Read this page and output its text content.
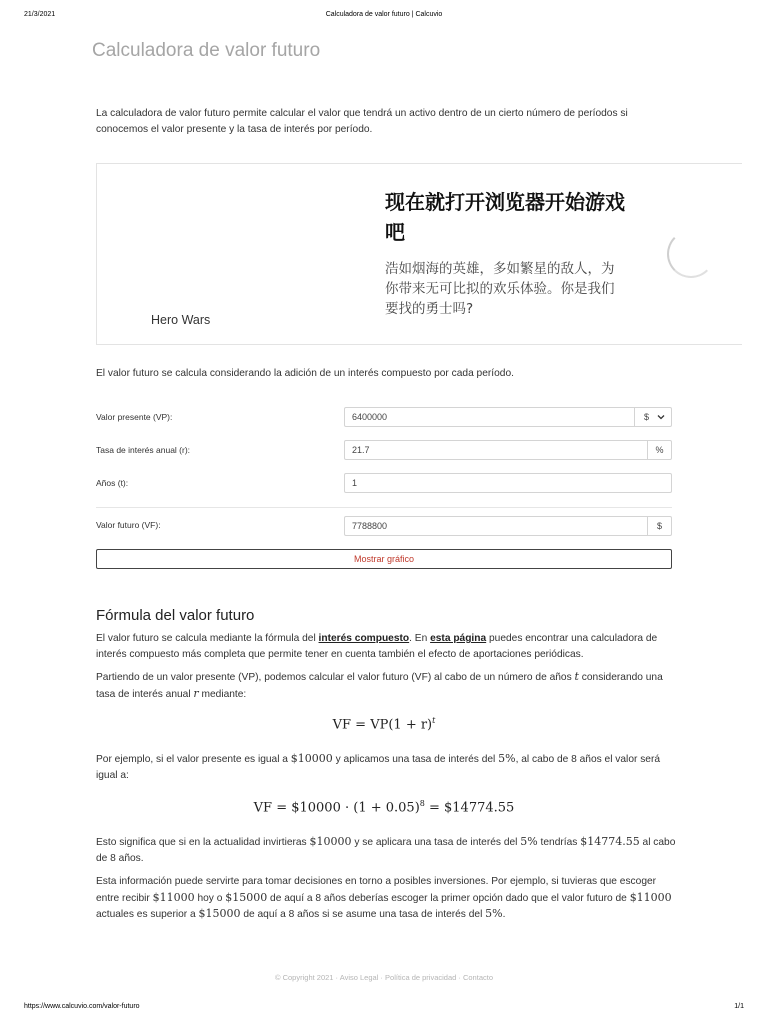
21/3/2021	Calculadora de valor futuro | Calcuvio
Calculadora de valor futuro

La calculadora de valor futuro permite calcular el valor que tendrá un activo dentro de un cierto número de períodos si conocemos el valor presente y la tasa de interés por período.

现在就打开浏览器开始游戏吧
浩如烟海的英雄，多如繁星的敌人，为你带来无可比拟的欢乐体验。你是我们要找的勇士吗?
Hero Wars

El valor futuro se calcula considerando la adición de un interés compuesto por cada período.

Valor presente (VP):	6400000	$
Tasa de interés anual (r):	21.7	%
Años (t):	1
Valor futuro (VF):	7788800	$
Mostrar gráfico
Fórmula del valor futuro

El valor futuro se calcula mediante la fórmula del interés compuesto. En esta página puedes encontrar una calculadora de interés compuesto más completa que permite tener en cuenta también el efecto de aportaciones periódicas.

Partiendo de un valor presente (VP), podemos calcular el valor futuro (VF) al cabo de un número de años t considerando una tasa de interés anual r mediante:

VF = $VP(1 + r)^t$

Por ejemplo, si el valor presente es igual a $10000 y aplicamos una tasa de interés del 5%, al cabo de 8 años el valor será igual a:

VF = $10000 · $(1 + 0.05)^8$ = $14774.55

Esto significa que si en la actualidad invirtieras $10000 y se aplicara una tasa de interés del 5% tendrías $14774.55 al cabo de 8 años.

Esta información puede servirte para tomar decisiones en torno a posibles inversiones. Por ejemplo, si tuvieras que escoger entre recibir $11000 hoy o $15000 de aquí a 8 años deberías escoger la primer opción dado que el valor futuro de $11000 actuales es superior a $15000 de aquí a 8 años si se asume una tasa de interés del 5%.

© Copyright 2021 · Aviso Legal · Política de privacidad · Contacto
https://www.calcuvio.com/valor-futuro	1/1
